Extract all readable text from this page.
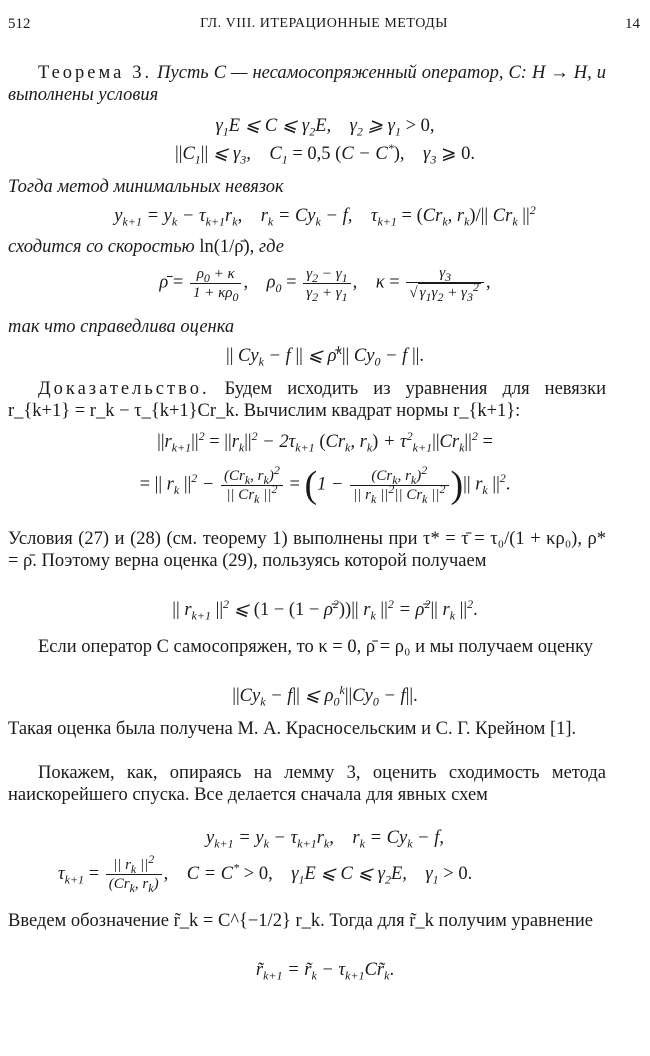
512	ГЛ. VIII. ИТЕРАЦИОННЫЕ МЕТОДЫ	14
Теорема 3. Пусть C — несамосопряженный оператор, C: H → H, и выполнены условия
$\gamma_1E$ ⩽ C ⩽ $\gamma_2E$,    $\gamma_2$ ⩾ $\gamma_1 > 0$,
$||C_1||$ ⩽ $\gamma_3$,    $C_1 = 0,5$ (C − C*),    $\gamma_3$ ⩾ 0.
Тогда метод минимальных невязок
$y_{k+1} = y_k - \tau_{k+1}r_k$,    $r_k = Cy_k - f$,    $\tau_{k+1} = (Cr_k$, $r_k)/||$ $Cr_k$ $||^2$
сходится со скоростью ln(1/ρ̄), где
ρ̄ = $\frac{\rho_0 + \kappa}{1 + \kappa\rho_0}$ ,    $\rho_0 = \frac{\gamma_2 - \gamma_1}{\gamma_2 + \gamma_1}$ ,    $\kappa = \frac{\gamma_3}{√ \gamma_1\gamma_2 + \gamma_3^2}$ ,
так что справедлива оценка
|| $Cy_k - f$ || ⩽ ρ̄$^k$|| $Cy_0 - f$ ||.
Доказательство. Будем исходить из уравнения для невязки r_{k+1} = r_k − τ_{k+1}Cr_k. Вычислим квадрат нормы r_{k+1}:
$||r_{k+1}||^2 = ||r_k||^2 - 2\tau_{k+1}$ ($Cr_k$, $r_k) + \tau^2_{k+1}||Cr_k||^2$ =
= || $r_k$ $||^2 - \frac{(Cr_k, r_k)^2}{|| Cr_k ||^2} = (1 - \frac{(Cr_k, r_k)^2}{|| r_k ||^2|| Cr_k ||^2}$ )|| $r_k$ $||^2$.
Условия (27) и (28) (см. теорему 1) выполнены при τ* = τ̄ = τ₀/(1 + κρ₀), ρ* = ρ̄. Поэтому верна оценка (29), пользуясь которой получаем
|| $r_{k+1}$ $||^2$ ⩽ (1 − (1 − ρ̄$^2$))|| $r_k$ $||^2$ = ρ̄$^2$|| $r_k$ $||^2$.
Если оператор C самосопряжен, то κ = 0, ρ̄ = ρ₀ и мы получаем оценку
$||Cy_k - f||$ ⩽ $\rho_0^k||Cy_0 - f||$.
Такая оценка была получена М. А. Красносельским и С. Г. Крейном [1].
Покажем, как, опираясь на лемму 3, оценить сходимость метода наискорейшего спуска. Все делается сначала для явных схем
$y_{k+1} = y_k - \tau_{k+1}r_k$,    $r_k = Cy_k - f$,
$\tau_{k+1} = \frac{|| r_k ||^2}{(Cr_k, r_k)}$ ,    C = C* > 0,    $\gamma_1E$ ⩽ C ⩽ $\gamma_2E$,    $\gamma_1 > 0$.
Введем обозначение r̃_k = C^{−1/2} r_k. Тогда для r̃_k получим уравнение
$r̃_{k+1}$ = $r̃_k$ − $\tau_{k+1}Cr̃_k$.
